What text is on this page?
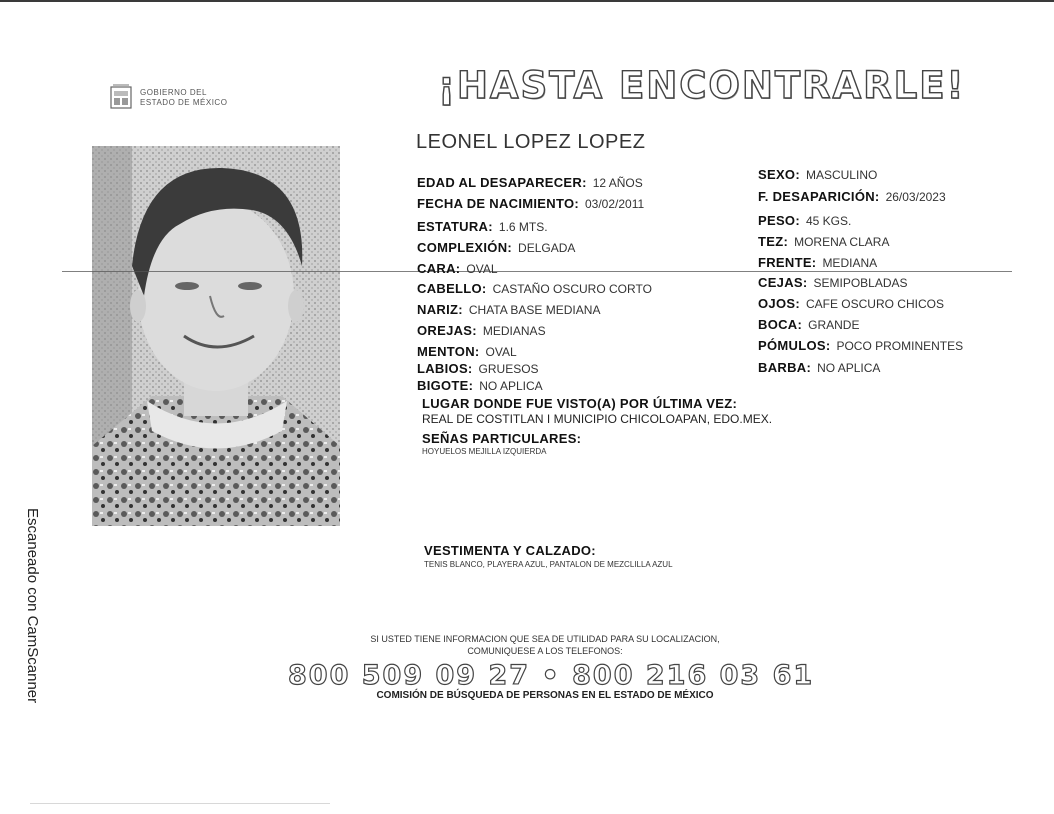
GOBIERNO DEL
ESTADO DE MÉXICO	¡HASTA ENCONTRARLE!
LEONEL LOPEZ LOPEZ
EDAD AL DESAPARECER: 12 AÑOS
FECHA DE NACIMIENTO: 03/02/2011
ESTATURA: 1.6 MTS.
COMPLEXIÓN: DELGADA
CARA: OVAL
CABELLO: CASTAÑO OSCURO CORTO
NARIZ: CHATA BASE MEDIANA
OREJAS: MEDIANAS
MENTON: OVAL
LABIOS: GRUESOS
BIGOTE: NO APLICA
SEXO: MASCULINO
F. DESAPARICIÓN: 26/03/2023
PESO: 45 KGS.
TEZ: MORENA CLARA
FRENTE: MEDIANA
CEJAS: SEMIPOBLADAS
OJOS: CAFE OSCURO CHICOS
BOCA: GRANDE
PÓMULOS: POCO PROMINENTES
BARBA: NO APLICA
LUGAR DONDE FUE VISTO(A) POR ÚLTIMA VEZ:
REAL DE COSTITLAN I MUNICIPIO CHICOLOAPAN, EDO.MEX.
SEÑAS PARTICULARES:
HOYUELOS MEJILLA IZQUIERDA
VESTIMENTA Y CALZADO:
TENIS BLANCO, PLAYERA AZUL, PANTALON DE MEZCLILLA AZUL
SI USTED TIENE INFORMACION QUE SEA DE UTILIDAD PARA SU LOCALIZACION,
COMUNIQUESE A LOS TELEFONOS:
800 509 09 27 • 800 216 03 61
COMISIÓN DE BÚSQUEDA DE PERSONAS EN EL ESTADO DE MÉXICO
Escaneado con CamScanner
